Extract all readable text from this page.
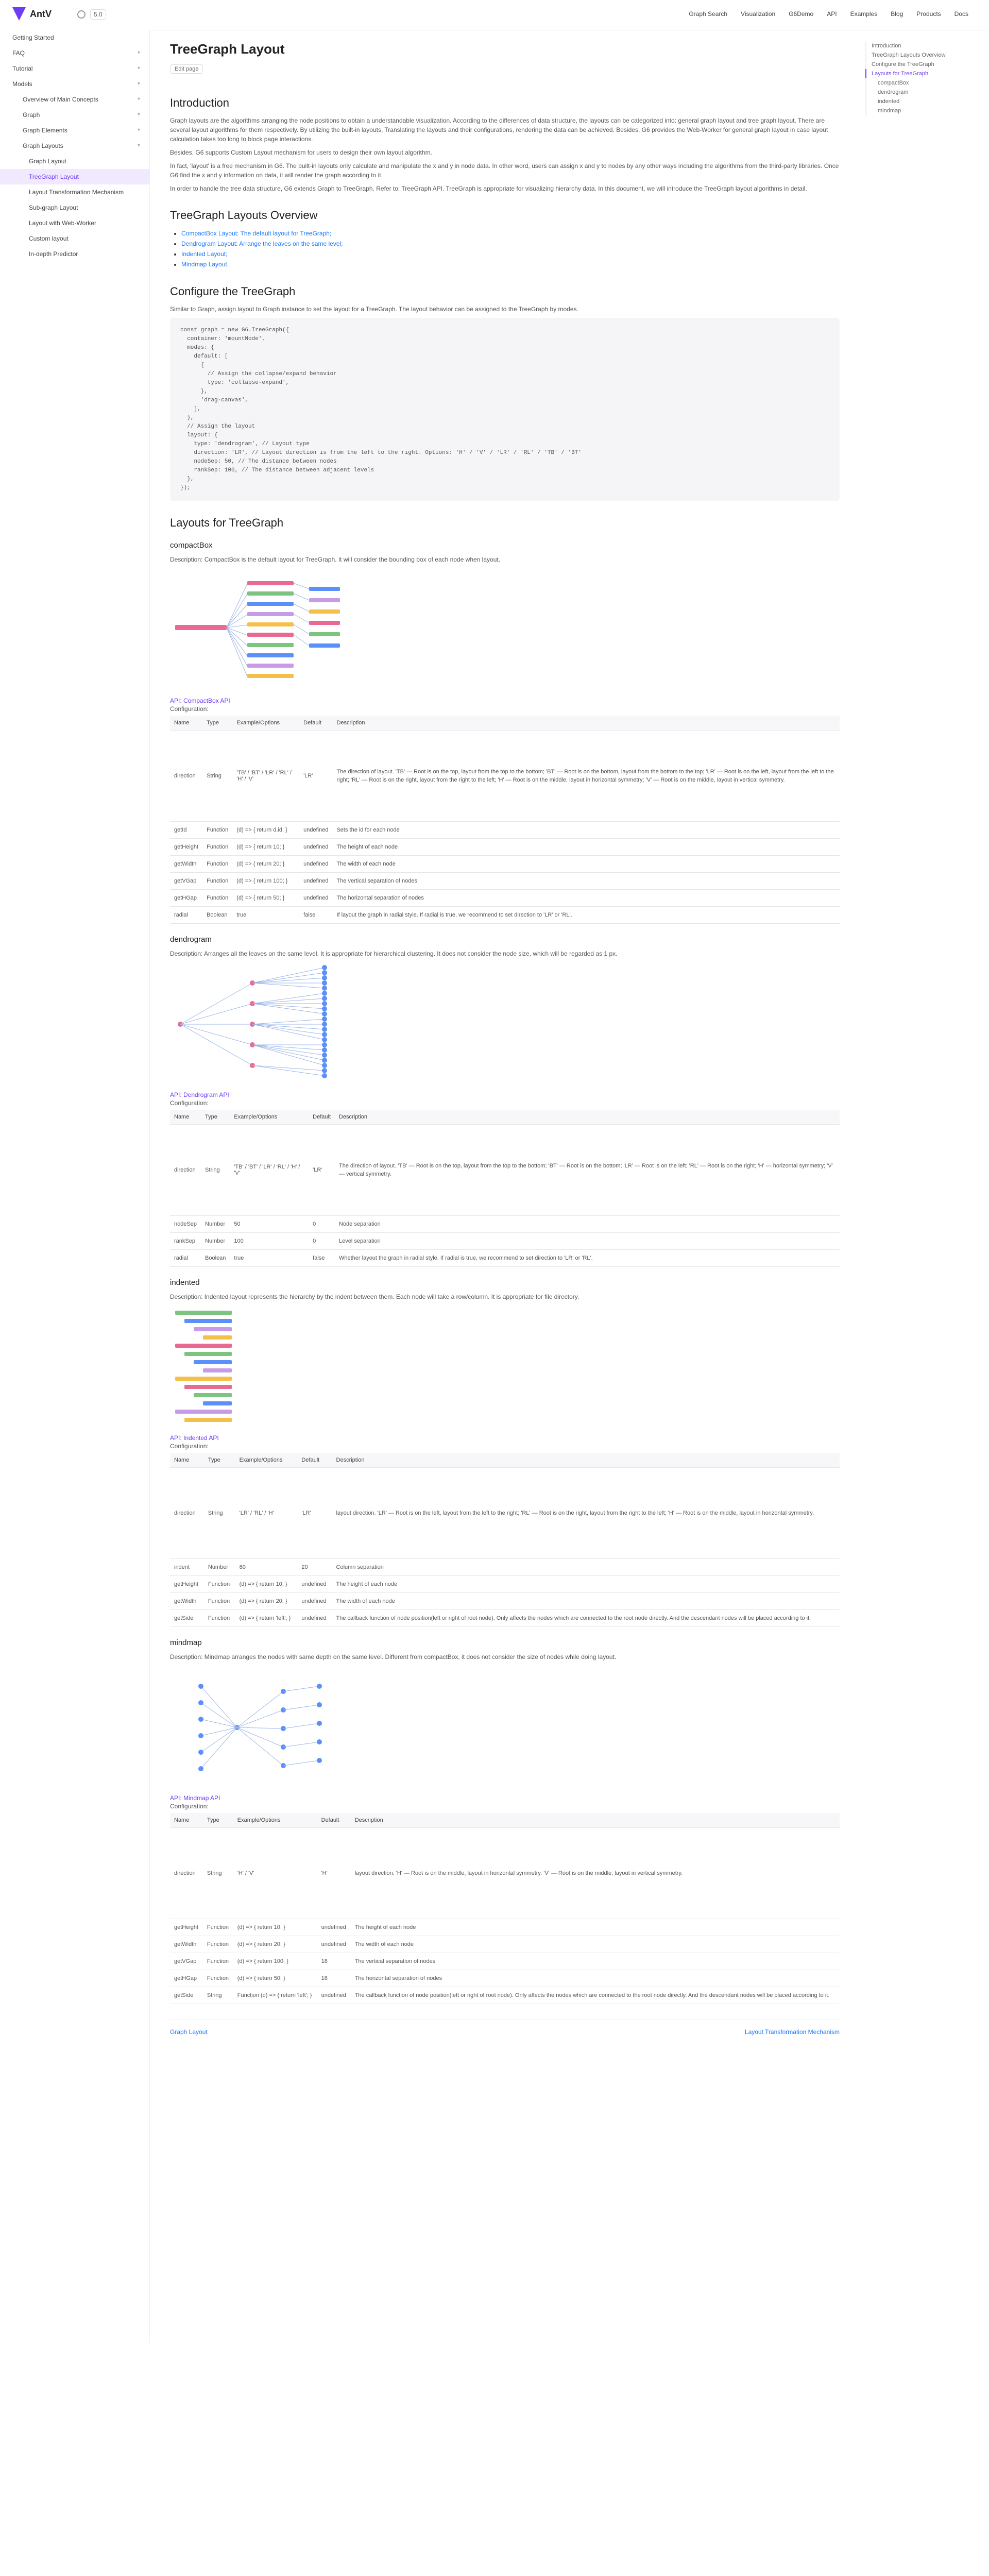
AntV	5.0	Graph Search Visualization G6Demo API Examples Blog Products Docs
Getting Started
FAQ	▾
Tutorial	▾
Models	▾
Overview of Main Concepts	▾
Graph	▾
Graph Elements	▾
Graph Layouts	▾
Graph Layout
TreeGraph Layout
Layout Transformation Mechanism
Sub-graph Layout
Layout with Web-Worker
Custom layout
In-depth Predictor
Introduction
TreeGraph Layouts Overview
Configure the TreeGraph
Layouts for TreeGraph
compactBox
dendrogram
indented
mindmap
TreeGraph Layout
Edit page
Introduction

Graph layouts are the algorithms arranging the node positions to obtain a understandable visualization. According to the differences of data structure, the layouts can be categorized into: general graph layout and tree graph layout. There are several layout algorithms for them respectively. By utilizing the built-in layouts, Translating the layouts and their configurations, rendering the data can be achieved. Besides, G6 provides the Web-Worker for general graph layout in case layout calculation takes too long to block page interactions.

Besides, G6 supports Custom Layout mechanism for users to design their own layout algorithm.

In fact, 'layout' is a free mechanism in G6. The built-in layouts only calculate and manipulate the x and y in node data. In other word, users can assign x and y to nodes by any other ways including the algorithms from the third-party libraries. Once G6 find the x and y information on data, it will render the graph according to it.

In order to handle the tree data structure, G6 extends Graph to TreeGraph. Refer to: TreeGraph API. TreeGraph is appropriate for visualizing hierarchy data. In this document, we will introduce the TreeGraph layout algorithms in detail.

TreeGraph Layouts Overview
• CompactBox Layout: The default layout for TreeGraph;
• Dendrogram Layout: Arrange the leaves on the same level;
• Indented Layout;
• Mindmap Layout.
Configure the TreeGraph

Similar to Graph, assign layout to Graph instance to set the layout for a TreeGraph. The layout behavior can be assigned to the TreeGraph by modes.

const graph = new G6.TreeGraph({
container: 'mountNode',
modes: {
default: [
{
// Assign the collapse/expand behavior
type: 'collapse-expand',
},
'drag-canvas',
],
},
// Assign the layout
layout: {
type: 'dendrogram', // Layout type
direction: 'LR', // Layout direction is from the left to the right. Options: 'H' / 'V' / 'LR' / 'RL' / 'TB' / 'BT'
nodeSep: 50, // The distance between nodes
rankSep: 100, // The distance between adjacent levels
},
});
Layouts for TreeGraph
compactBox

Description: CompactBox is the default layout for TreeGraph. It will consider the bounding box of each node when layout.

API: CompactBox API
Configuration:
Name	Type	Example/Options	Default	Description
direction	String	'TB' / 'BT' / 'LR' / 'RL' / 'H' / 'V'	'LR'	The direction of layout. 'TB' — Root is on the top, layout from the top to the bottom; 'BT' — Root is on the bottom, layout from the bottom to the top; 'LR' — Root is on the left, layout from the left to the right; 'RL' — Root is on the right, layout from the right to the left; 'H' — Root is on the middle, layout in horizontal symmetry; 'V' — Root is on the middle, layout in vertical symmetry.
getId	Function	(d) => { return d.id; }	undefined	Sets the id for each node
getHeight	Function	(d) => { return 10; }	undefined	The height of each node
getWidth	Function	(d) => { return 20; }	undefined	The width of each node
getVGap	Function	(d) => { return 100; }	undefined	The vertical separation of nodes
getHGap	Function	(d) => { return 50; }	undefined	The horizontal separation of nodes
radial	Boolean	true	false	If layout the graph in radial style. If radial is true, we recommend to set direction to 'LR' or 'RL'.
dendrogram

Description: Arranges all the leaves on the same level. It is appropriate for hierarchical clustering. It does not consider the node size, which will be regarded as 1 px.

API: Dendrogram API
Configuration:
Name	Type	Example/Options	Default	Description
direction	String	'TB' / 'BT' / 'LR' / 'RL' / 'H' / 'V'	'LR'	The direction of layout. 'TB' — Root is on the top, layout from the top to the bottom; 'BT' — Root is on the bottom; 'LR' — Root is on the left; 'RL' — Root is on the right; 'H' — horizontal symmetry; 'V' — vertical symmetry.
nodeSep	Number	50	0	Node separation
rankSep	Number	100	0	Level separation
radial	Boolean	true	false	Whether layout the graph in radial style. If radial is true, we recommend to set direction to 'LR' or 'RL'.
indented

Description: Indented layout represents the hierarchy by the indent between them. Each node will take a row/column. It is appropriate for file directory.

API: Indented API
Configuration:
Name	Type	Example/Options	Default	Description
direction	String	'LR' / 'RL' / 'H'	'LR'	layout direction. 'LR' — Root is on the left, layout from the left to the right; 'RL' — Root is on the right, layout from the right to the left; 'H' — Root is on the middle, layout in horizontal symmetry.
indent	Number	80	20	Column separation
getHeight	Function	(d) => { return 10; }	undefined	The height of each node
getWidth	Function	(d) => { return 20; }	undefined	The width of each node
getSide	Function	(d) => { return 'left'; }	undefined	The callback function of node position(left or right of root node). Only affects the nodes which are connected to the root node directly. And the descendant nodes will be placed according to it.
mindmap

Description: Mindmap arranges the nodes with same depth on the same level. Different from compactBox, it does not consider the size of nodes while doing layout.

API: Mindmap API
Configuration:
Name	Type	Example/Options	Default	Description
direction	String	'H' / 'V'	'H'	layout direction. 'H' — Root is on the middle, layout in horizontal symmetry. 'V' — Root is on the middle, layout in vertical symmetry.
getHeight	Function	(d) => { return 10; }	undefined	The height of each node
getWidth	Function	(d) => { return 20; }	undefined	The width of each node
getVGap	Function	(d) => { return 100; }	18	The vertical separation of nodes
getHGap	Function	(d) => { return 50; }	18	The horizontal separation of nodes
getSide	String	Function (d) => { return 'left'; }	undefined	The callback function of node position(left or right of root node). Only affects the nodes which are connected to the root node directly. And the descendant nodes will be placed according to it.
Graph Layout	Layout Transformation Mechanism
